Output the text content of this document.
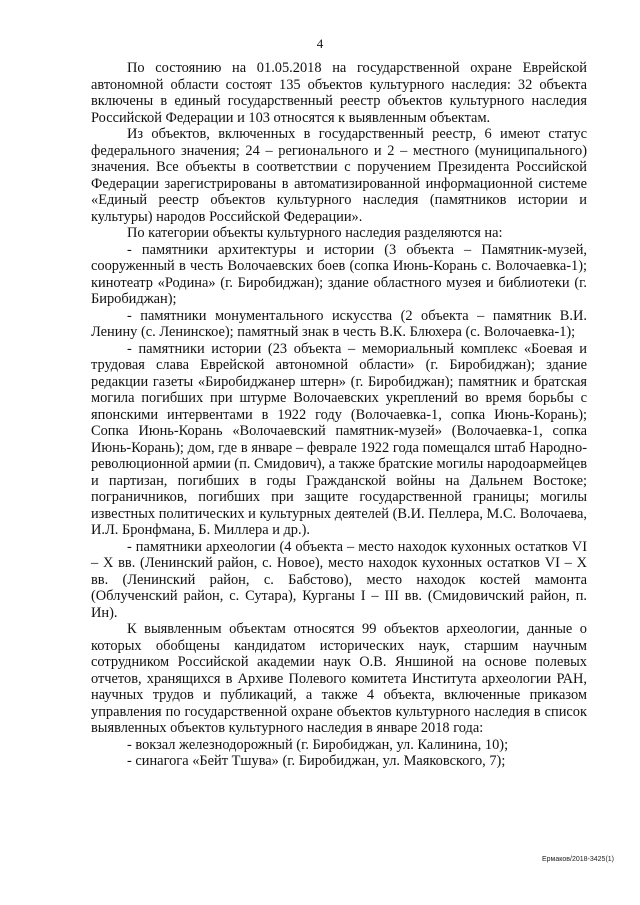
4

По состоянию на 01.05.2018 на государственной охране Еврейской автономной области состоят 135 объектов культурного наследия: 32 объекта включены в единый государственный реестр объектов культурного наследия Российской Федерации и 103 относятся к выявленным объектам.

Из объектов, включенных в государственный реестр, 6 имеют статус федерального значения; 24 – регионального и 2 – местного (муниципального) значения. Все объекты в соответствии с поручением Президента Российской Федерации зарегистрированы в автоматизированной информационной системе «Единый реестр объектов культурного наследия (памятников истории и культуры) народов Российской Федерации».

По категории объекты культурного наследия разделяются на:

- памятники архитектуры и истории (3 объекта – Памятник-музей, сооруженный в честь Волочаевских боев (сопка Июнь-Корань с. Волочаевка-1); кинотеатр «Родина» (г. Биробиджан); здание областного музея и библиотеки (г. Биробиджан);

- памятники монументального искусства (2 объекта – памятник В.И. Ленину (с. Ленинское); памятный знак в честь В.К. Блюхера (с. Волочаевка-1);

- памятники истории (23 объекта – мемориальный комплекс «Боевая и трудовая слава Еврейской автономной области» (г. Биробиджан); здание редакции газеты «Биробиджанер штерн» (г. Биробиджан); памятник и братская могила погибших при штурме Волочаевских укреплений во время борьбы с японскими интервентами в 1922 году (Волочаевка-1, сопка Июнь-Корань); Сопка Июнь-Корань «Волочаевский памятник-музей» (Волочаевка-1, сопка Июнь-Корань); дом, где в январе – феврале 1922 года помещался штаб Народно-революционной армии (п. Смидович), а также братские могилы народоармейцев и партизан, погибших в годы Гражданской войны на Дальнем Востоке; пограничников, погибших при защите государственной границы; могилы известных политических и культурных деятелей (В.И. Пеллера, М.С. Волочаева, И.Л. Бронфмана, Б. Миллера и др.).

- памятники археологии (4 объекта – место находок кухонных остатков VI – X вв. (Ленинский район, с. Новое), место находок кухонных остатков VI – X вв. (Ленинский район, с. Бабстово), место находок костей мамонта (Облученский район, с. Сутара), Курганы I – III вв. (Смидовичский район, п. Ин).

К выявленным объектам относятся 99 объектов археологии, данные о которых обобщены кандидатом исторических наук, старшим научным сотрудником Российской академии наук О.В. Яншиной на основе полевых отчетов, хранящихся в Архиве Полевого комитета Института археологии РАН, научных трудов и публикаций, а также 4 объекта, включенные приказом управления по государственной охране объектов культурного наследия в список выявленных объектов культурного наследия в январе 2018 года:

- вокзал железнодорожный (г. Биробиджан, ул. Калинина, 10);
- синагога «Бейт Тшува» (г. Биробиджан, ул. Маяковского, 7);
Ермаков/2018-3425(1)
